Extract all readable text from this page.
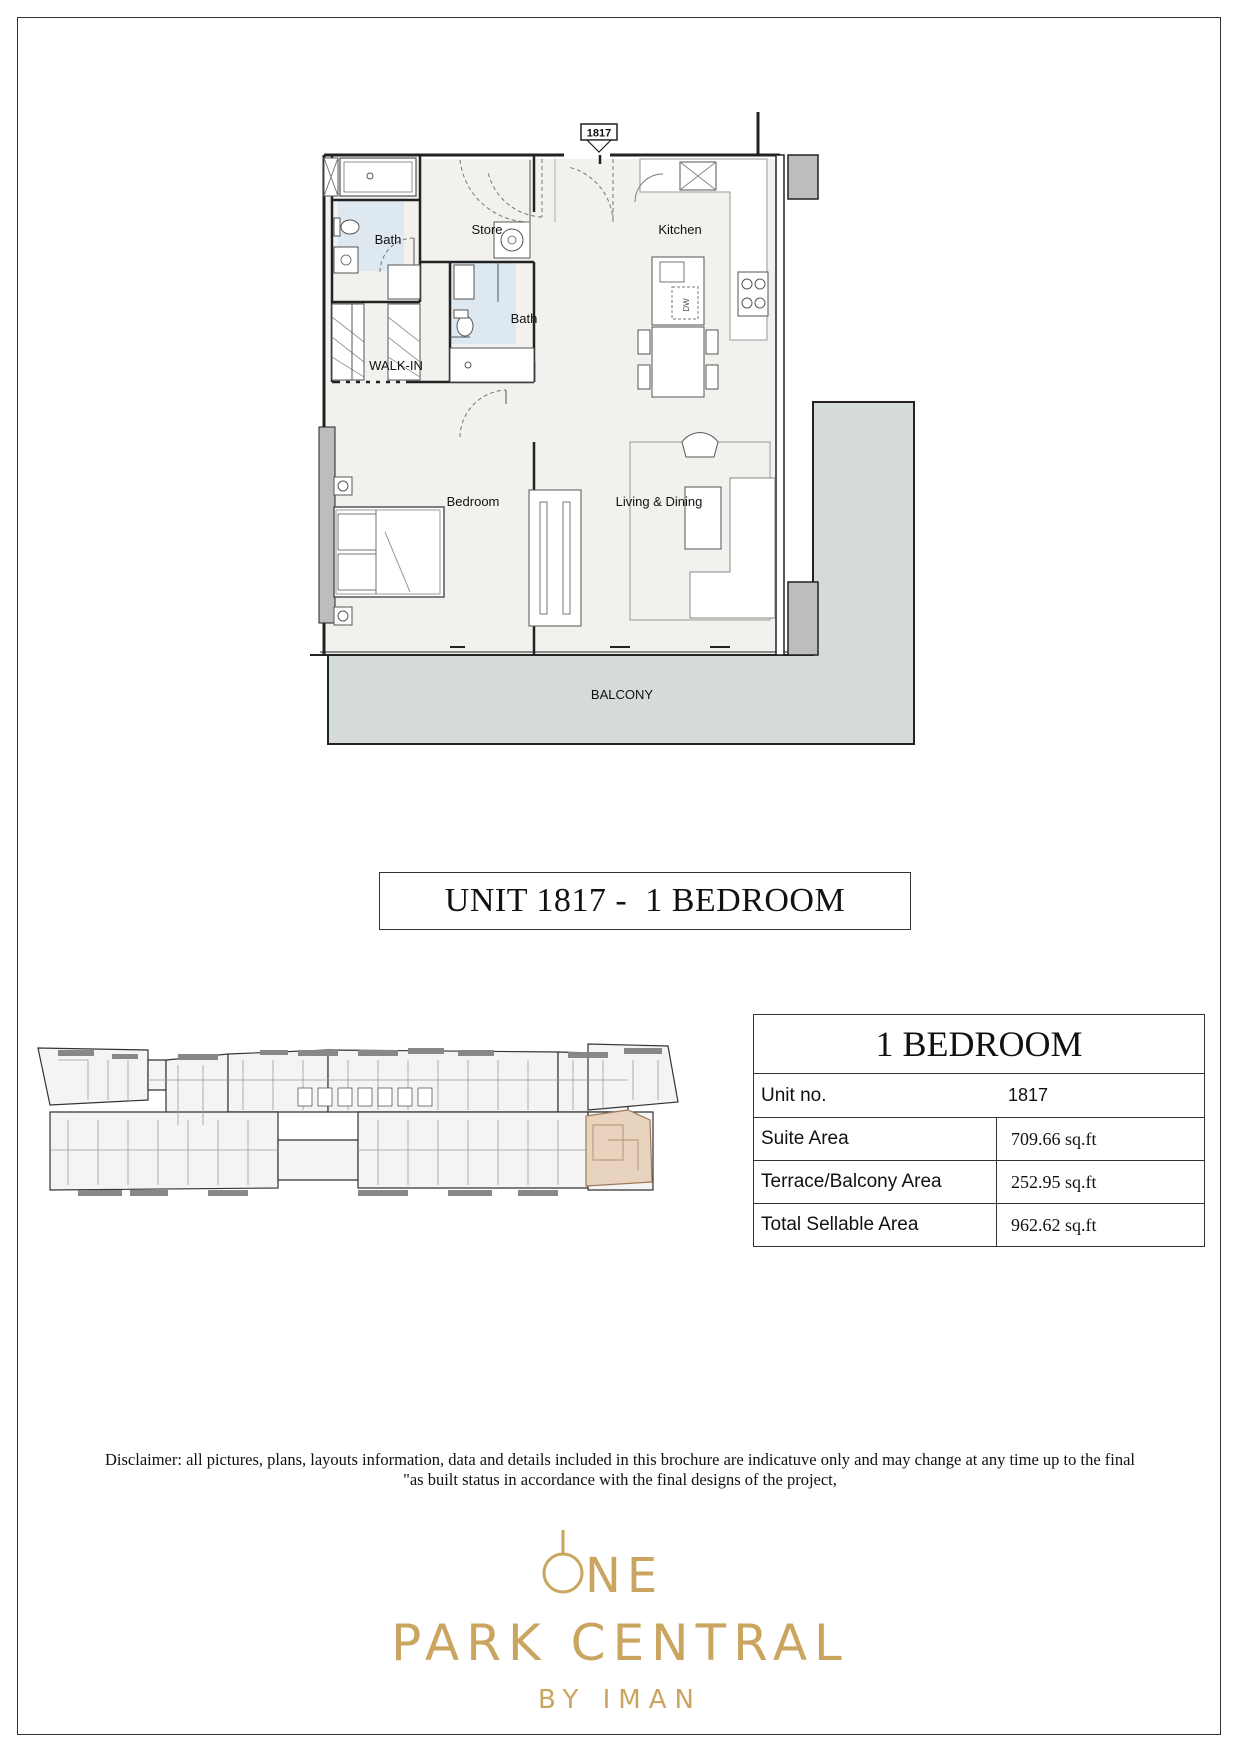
1817
DW
Bath
Store	Kitchen
Bath
WALK-IN
Bedroom	Living & Dining
BALCONY
UNIT 1817 -  1 BEDROOM
1 BEDROOM	
Unit no. 1817	

Suite Area	709.66 sq.ft
Terrace/Balcony Area	252.95 sq.ft
Total Sellable Area	962.62 sq.ft
Disclaimer: all pictures, plans, layouts information, data and details included in this brochure are indicatuve only and may change at any time up to the final
"as built status in accordance with the final designs of the project,
NE
PARK CENTRAL
BY IMAN
